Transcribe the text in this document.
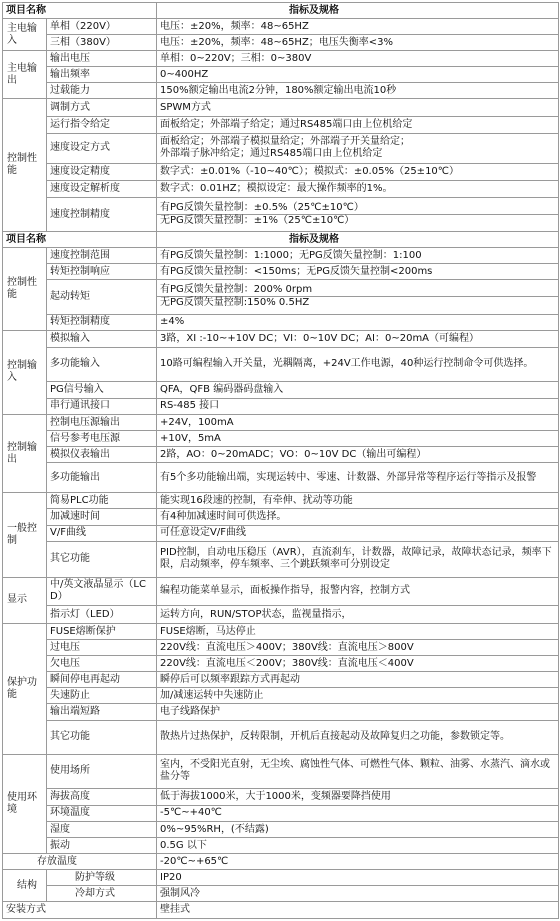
项目名称		指标及规格
主电输入	单相（220V）	电压：±20%，频率：48~65HZ
	三相（380V）	电压：±20%，频率：48~65HZ；电压失衡率<3%
主电输出	输出电压	单相：0~220V；三相：0~380V
	输出频率	0~400HZ
	过载能力	150%额定输出电流2分钟，180%额定输出电流10秒
控制性能	调制方式	SPWM方式
	运行指令给定	面板给定；外部端子给定；通过RS485端口由上位机给定
	速度设定方式	面板给定；外部端子模拟量给定；外部端子开关量给定；
外部端子脉冲给定；通过RS485端口由上位机给定

	速度设定精度	数字式：±0.01%（-10~40℃）；模拟式：±0.05%（25±10℃）
	速度设定解析度	数字式：0.01HZ；模拟设定：最大操作频率的1%。
	速度控制精度	有PG反馈矢量控制：±0.5%（25℃±10℃）
无PG反馈矢量控制：±1%（25℃±10℃）

项目名称		指标及规格
控制性能	速度控制范围	有PG反馈矢量控制：1:1000；无PG反馈矢量控制：1:100
	转矩控制响应	有PG反馈矢量控制：<150ms；无PG反馈矢量控制<200ms
	起动转矩	有PG反馈矢量控制：200% 0rpm
无PG反馈矢量控制:150% 0.5HZ

	转矩控制精度	±4%
控制输入	模拟输入	3路，XI :-10~+10V DC；VI：0~10V DC；AI：0~20mA（可编程）
	多功能输入	10路可编程输入开关量，光耦隔离，+24V工作电源，40种运行控制命令可供选择。
	PG信号输入	QFA，QFB 编码器码盘输入
	串行通讯接口	RS-485 接口
控制输出	控制电压源输出	+24V，100mA
	信号参考电压源	+10V，5mA
	模拟仪表输出	2路，AO：0~20mADC；VO：0~10V DC（输出可编程）
	多功能输出	有5个多功能输出端，实现运转中、零速、计数器、外部异常等程序运行等指示及报警
一般控制	简易PLC功能	能实现16段速的控制，有牵伸、扰动等功能
	加减速时间	有4种加减速时间可供选择。
	V/F曲线	可任意设定V/F曲线
	其它功能	PID控制，自动电压稳压（AVR），直流刹车，计数器，故障记录，故障状态记录，频率下限，启动频率，停车频率、三个跳跃频率可分别设定
显示	中/英文液晶显示（LCD）	编程功能菜单显示，面板操作指导，报警内容，控制方式
	指示灯（LED）	运转方向，RUN/STOP状态，监视量指示，
保护功能	FUSE熔断保护	FUSE熔断，马达停止
	过电压	220V线：直流电压＞400V；380V线：直流电压＞800V
	欠电压	220V线：直流电压＜200V；380V线：直流电压＜400V
	瞬间停电再起动	瞬停后可以频率跟踪方式再起动
	失速防止	加/减速运转中失速防止
	输出端短路	电子线路保护
	其它功能	散热片过热保护，反转限制，开机后直接起动及故障复归之功能，参数锁定等。
使用环境	使用场所	室内，不受阳光直射，无尘埃、腐蚀性气体、可燃性气体、颗粒、油雾、水蒸汽、滴水或盐分等
	海拔高度	低于海拔1000米，大于1000米，变频器要降挡使用
	环境温度	-5℃~+40℃
	湿度	0%~95%RH，(不结露)
	振动	0.5G 以下
存放温度		-20℃~+65℃
结构	防护等级	IP20
	冷却方式	强制风冷
安装方式		壁挂式
